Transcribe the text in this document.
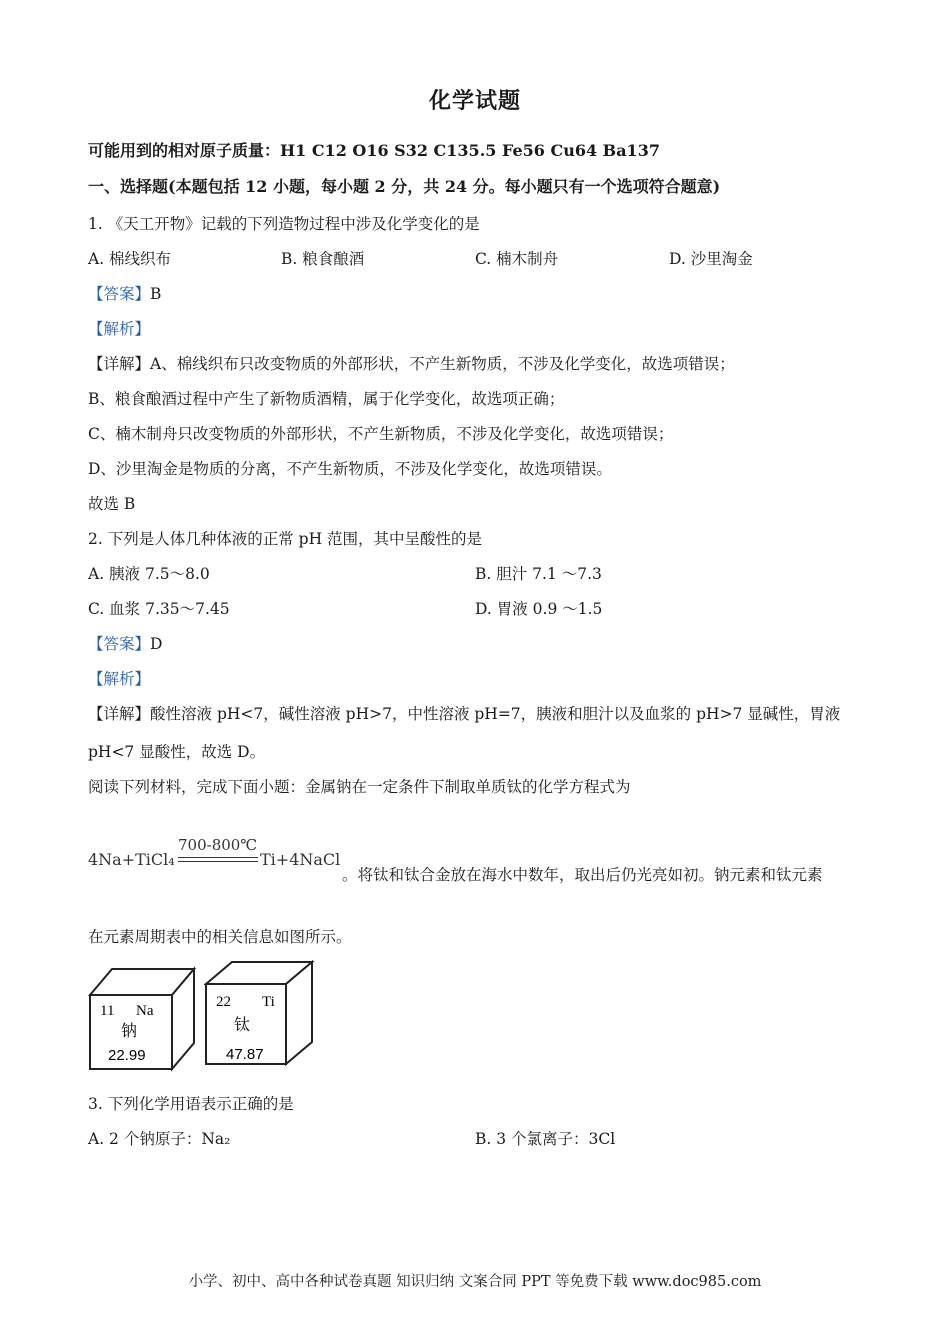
化学试题
可能用到的相对原子质量：H1 C12 O16 S32 C135.5 Fe56 Cu64 Ba137
一、选择题(本题包括 12 小题，每小题 2 分，共 24 分。每小题只有一个选项符合题意)
1. 《天工开物》记载的下列造物过程中涉及化学变化的是
A. 棉线织布	B. 粮食酿酒	C. 楠木制舟	D. 沙里淘金
【答案】B
【解析】
【详解】A、棉线织布只改变物质的外部形状，不产生新物质，不涉及化学变化，故选项错误；
B、粮食酿酒过程中产生了新物质酒精，属于化学变化，故选项正确；
C、楠木制舟只改变物质的外部形状，不产生新物质，不涉及化学变化，故选项错误；
D、沙里淘金是物质的分离，不产生新物质，不涉及化学变化，故选项错误。
故选 B
2. 下列是人体几种体液的正常 pH 范围，其中呈酸性的是
A. 胰液 7.5～8.0	B. 胆汁 7.1 ～7.3
C. 血浆 7.35～7.45	D. 胃液 0.9 ～1.5
【答案】D
【解析】
【详解】酸性溶液 pH<7，碱性溶液 pH>7，中性溶液 pH=7，胰液和胆汁以及血浆的 pH>7 显碱性，胃液
pH<7 显酸性，故选 D。
阅读下列材料，完成下面小题：金属钠在一定条件下制取单质钛的化学方程式为
4Na+TiCl₄
700-800℃
Ti+4NaCl
。将钛和钛合金放在海水中数年，取出后仍光亮如初。钠元素和钛元素
在元素周期表中的相关信息如图所示。
11 Na
钠
22.99
22 Ti
钛
47.87
3. 下列化学用语表示正确的是
A. 2 个钠原子：Na₂	B. 3 个氯离子：3Cl
小学、初中、高中各种试卷真题 知识归纳 文案合同 PPT 等免费下载 www.doc985.com
